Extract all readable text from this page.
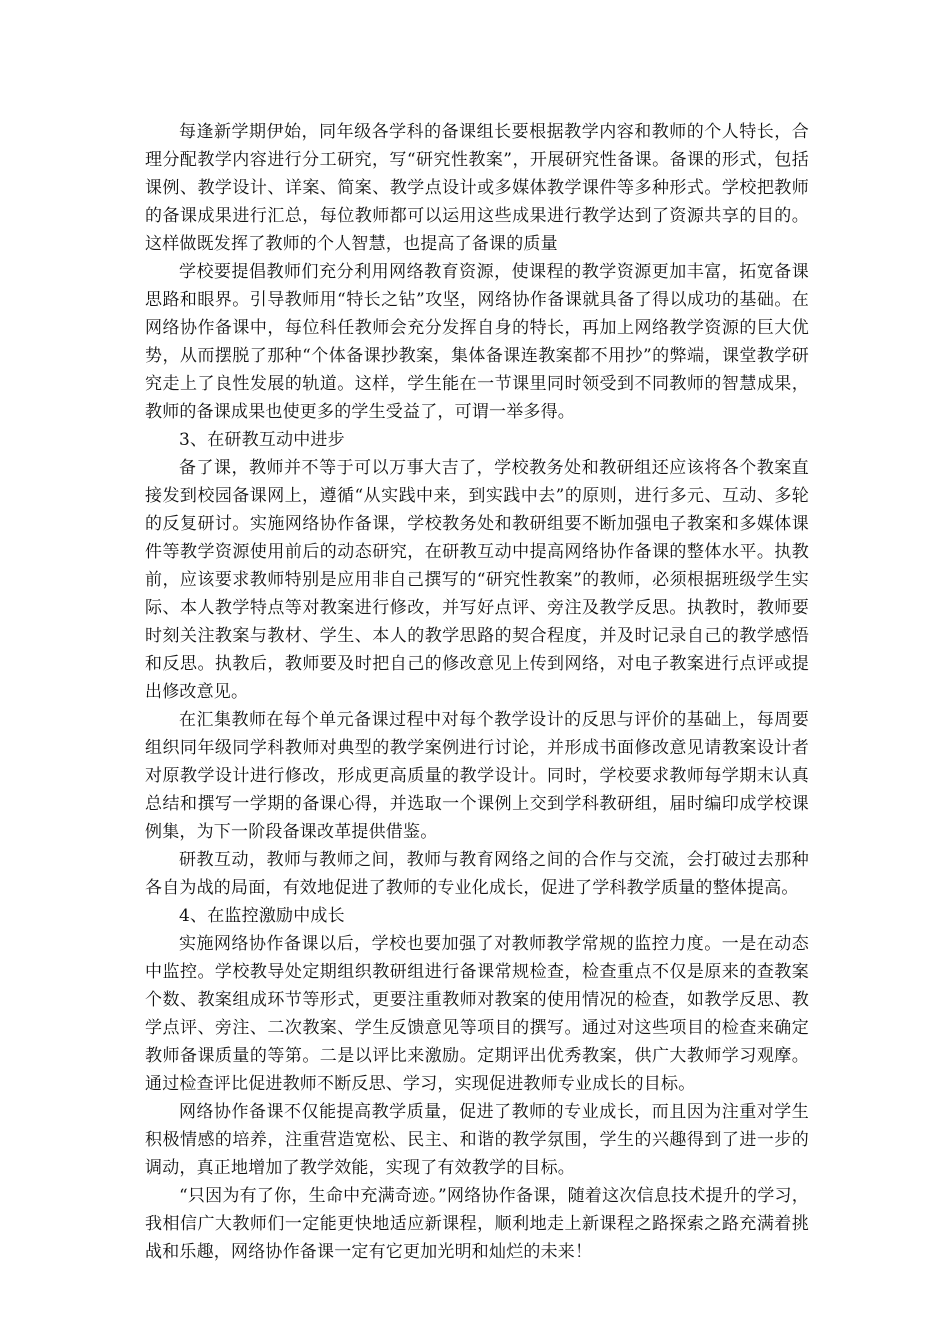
每逢新学期伊始，同年级各学科的备课组长要根据教学内容和教师的个人特长，合理分配教学内容进行分工研究，写“研究性教案”，开展研究性备课。备课的形式，包括课例、教学设计、详案、简案、教学点设计或多媒体教学课件等多种形式。学校把教师的备课成果进行汇总，每位教师都可以运用这些成果进行教学达到了资源共享的目的。这样做既发挥了教师的个人智慧，也提高了备课的质量

学校要提倡教师们充分利用网络教育资源，使课程的教学资源更加丰富，拓宽备课思路和眼界。引导教师用“特长之钻”攻坚，网络协作备课就具备了得以成功的基础。在网络协作备课中，每位科任教师会充分发挥自身的特长，再加上网络教学资源的巨大优势，从而摆脱了那种“个体备课抄教案，集体备课连教案都不用抄”的弊端，课堂教学研究走上了良性发展的轨道。这样，学生能在一节课里同时领受到不同教师的智慧成果，教师的备课成果也使更多的学生受益了，可谓一举多得。

3、在研教互动中进步

备了课，教师并不等于可以万事大吉了，学校教务处和教研组还应该将各个教案直接发到校园备课网上，遵循“从实践中来，到实践中去”的原则，进行多元、互动、多轮的反复研讨。实施网络协作备课，学校教务处和教研组要不断加强电子教案和多媒体课件等教学资源使用前后的动态研究，在研教互动中提高网络协作备课的整体水平。执教前，应该要求教师特别是应用非自己撰写的“研究性教案”的教师，必须根据班级学生实际、本人教学特点等对教案进行修改，并写好点评、旁注及教学反思。执教时，教师要时刻关注教案与教材、学生、本人的教学思路的契合程度，并及时记录自己的教学感悟和反思。执教后，教师要及时把自己的修改意见上传到网络，对电子教案进行点评或提出修改意见。

在汇集教师在每个单元备课过程中对每个教学设计的反思与评价的基础上，每周要组织同年级同学科教师对典型的教学案例进行讨论，并形成书面修改意见请教案设计者对原教学设计进行修改，形成更高质量的教学设计。同时，学校要求教师每学期末认真总结和撰写一学期的备课心得，并选取一个课例上交到学科教研组，届时编印成学校课例集，为下一阶段备课改革提供借鉴。

研教互动，教师与教师之间，教师与教育网络之间的合作与交流，会打破过去那种各自为战的局面，有效地促进了教师的专业化成长，促进了学科教学质量的整体提高。

4、在监控激励中成长

实施网络协作备课以后，学校也要加强了对教师教学常规的监控力度。一是在动态中监控。学校教导处定期组织教研组进行备课常规检查，检查重点不仅是原来的查教案个数、教案组成环节等形式，更要注重教师对教案的使用情况的检查，如教学反思、教学点评、旁注、二次教案、学生反馈意见等项目的撰写。通过对这些项目的检查来确定教师备课质量的等第。二是以评比来激励。定期评出优秀教案，供广大教师学习观摩。通过检查评比促进教师不断反思、学习，实现促进教师专业成长的目标。

网络协作备课不仅能提高教学质量，促进了教师的专业成长，而且因为注重对学生积极情感的培养，注重营造宽松、民主、和谐的教学氛围，学生的兴趣得到了进一步的调动，真正地增加了教学效能，实现了有效教学的目标。

“只因为有了你，生命中充满奇迹。”网络协作备课，随着这次信息技术提升的学习，我相信广大教师们一定能更快地适应新课程，顺利地走上新课程之路探索之路充满着挑战和乐趣，网络协作备课一定有它更加光明和灿烂的未来！
